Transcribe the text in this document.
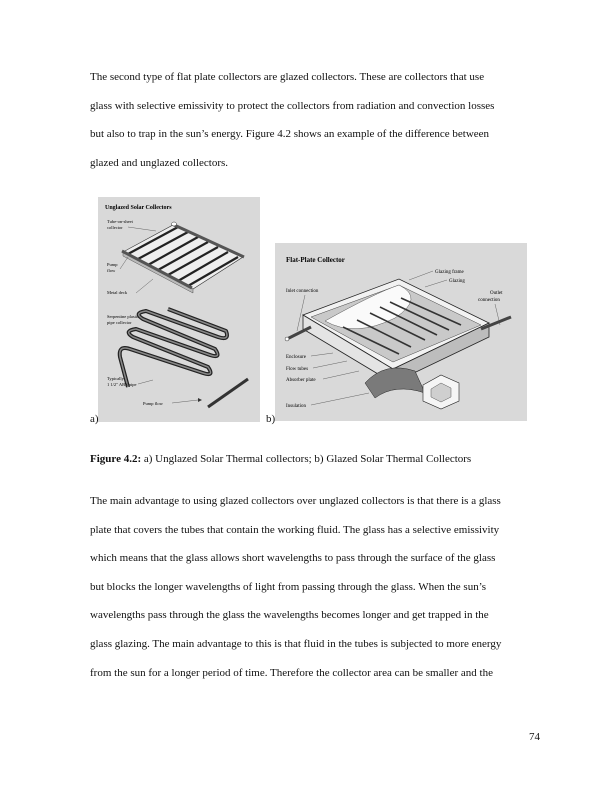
The second type of flat plate collectors are glazed collectors. These are collectors that use
glass with selective emissivity to protect the collectors from radiation and convection losses
but also to trap in the sun’s energy. Figure 4.2 shows an example of the difference between
glazed and unglazed collectors.

Unglazed Solar Collectors
Tube-on-sheet
collector
Pump
flow
Metal deck
Serpentine plastic
pipe collector
Typically
1 1/2" ABS pipe
Pump flow
a)
Flat-Plate Collector
Glazing frame
Glazing
Inlet connection	Outlet
connection
Enclosure
Flow tubes
Absorber plate
Insulation
b)
Figure 4.2: a) Unglazed Solar Thermal collectors; b) Glazed Solar Thermal Collectors

The main advantage to using glazed collectors over unglazed collectors is that there is a glass
plate that covers the tubes that contain the working fluid. The glass has a selective emissivity
which means that the glass allows short wavelengths to pass through the surface of the glass
but blocks the longer wavelengths of light from passing through the glass. When the sun’s
wavelengths pass through the glass the wavelengths becomes longer and get trapped in the
glass glazing. The main advantage to this is that fluid in the tubes is subjected to more energy
from the sun for a longer period of time. Therefore the collector area can be smaller and the

74
